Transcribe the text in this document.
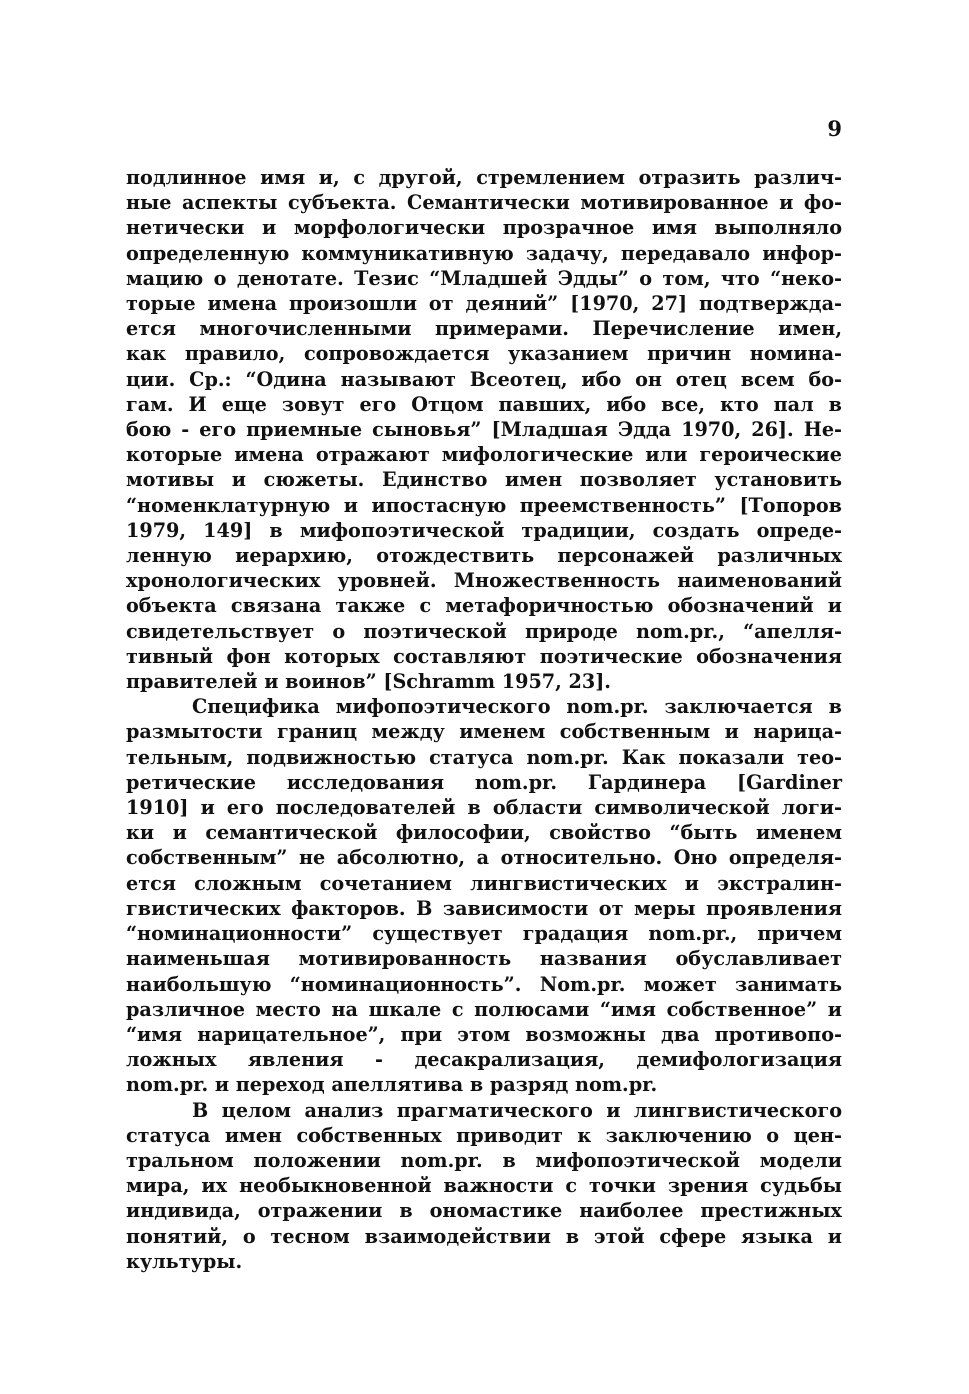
9
подлинное имя и, с другой, стремлением отразить различ-
ные аспекты субъекта. Семантически мотивированное и фо-
нетически и морфологически прозрачное имя выполняло
определенную коммуникативную задачу, передавало инфор-
мацию о денотате. Тезис “Младшей Эдды” о том, что “неко-
торые имена произошли от деяний” [1970, 27] подтвержда-
ется многочисленными примерами. Перечисление имен,
как правило, сопровождается указанием причин номина-
ции. Ср.: “Одина называют Всеотец, ибо он отец всем бо-
гам. И еще зовут его Отцом павших, ибо все, кто пал в
бою - его приемные сыновья” [Младшая Эдда 1970, 26]. Не-
которые имена отражают мифологические или героические
мотивы и сюжеты. Единство имен позволяет установить
“номенклатурную и ипостасную преемственность” [Топоров
1979, 149] в мифопоэтической традиции, создать опреде-
ленную иерархию, отождествить персонажей различных
хронологических уровней. Множественность наименований
объекта связана также с метафоричностью обозначений и
свидетельствует о поэтической природе nom.pr., “апелля-
тивный фон которых составляют поэтические обозначения
правителей и воинов” [Schramm 1957, 23].
Специфика мифопоэтического nom.pr. заключается в
размытости границ между именем собственным и нарица-
тельным, подвижностью статуса nom.pr. Как показали тео-
ретические исследования nom.pr. Гардинера [Gardiner
1910] и его последователей в области символической логи-
ки и семантической философии, свойство “быть именем
собственным” не абсолютно, а относительно. Оно определя-
ется сложным сочетанием лингвистических и экстралин-
гвистических факторов. В зависимости от меры проявления
“номинационности” существует градация nom.pr., причем
наименьшая мотивированность названия обуславливает
наибольшую “номинационность”. Nom.pr. может занимать
различное место на шкале с полюсами “имя собственное” и
“имя нарицательное”, при этом возможны два противопо-
ложных явления - десакрализация, демифологизация
nom.pr. и переход апеллятива в разряд nom.pr.
В целом анализ прагматического и лингвистического
статуса имен собственных приводит к заключению о цен-
тральном положении nom.pr. в мифопоэтической модели
мира, их необыкновенной важности с точки зрения судьбы
индивида, отражении в ономастике наиболее престижных
понятий, о тесном взаимодействии в этой сфере языка и
культуры.
